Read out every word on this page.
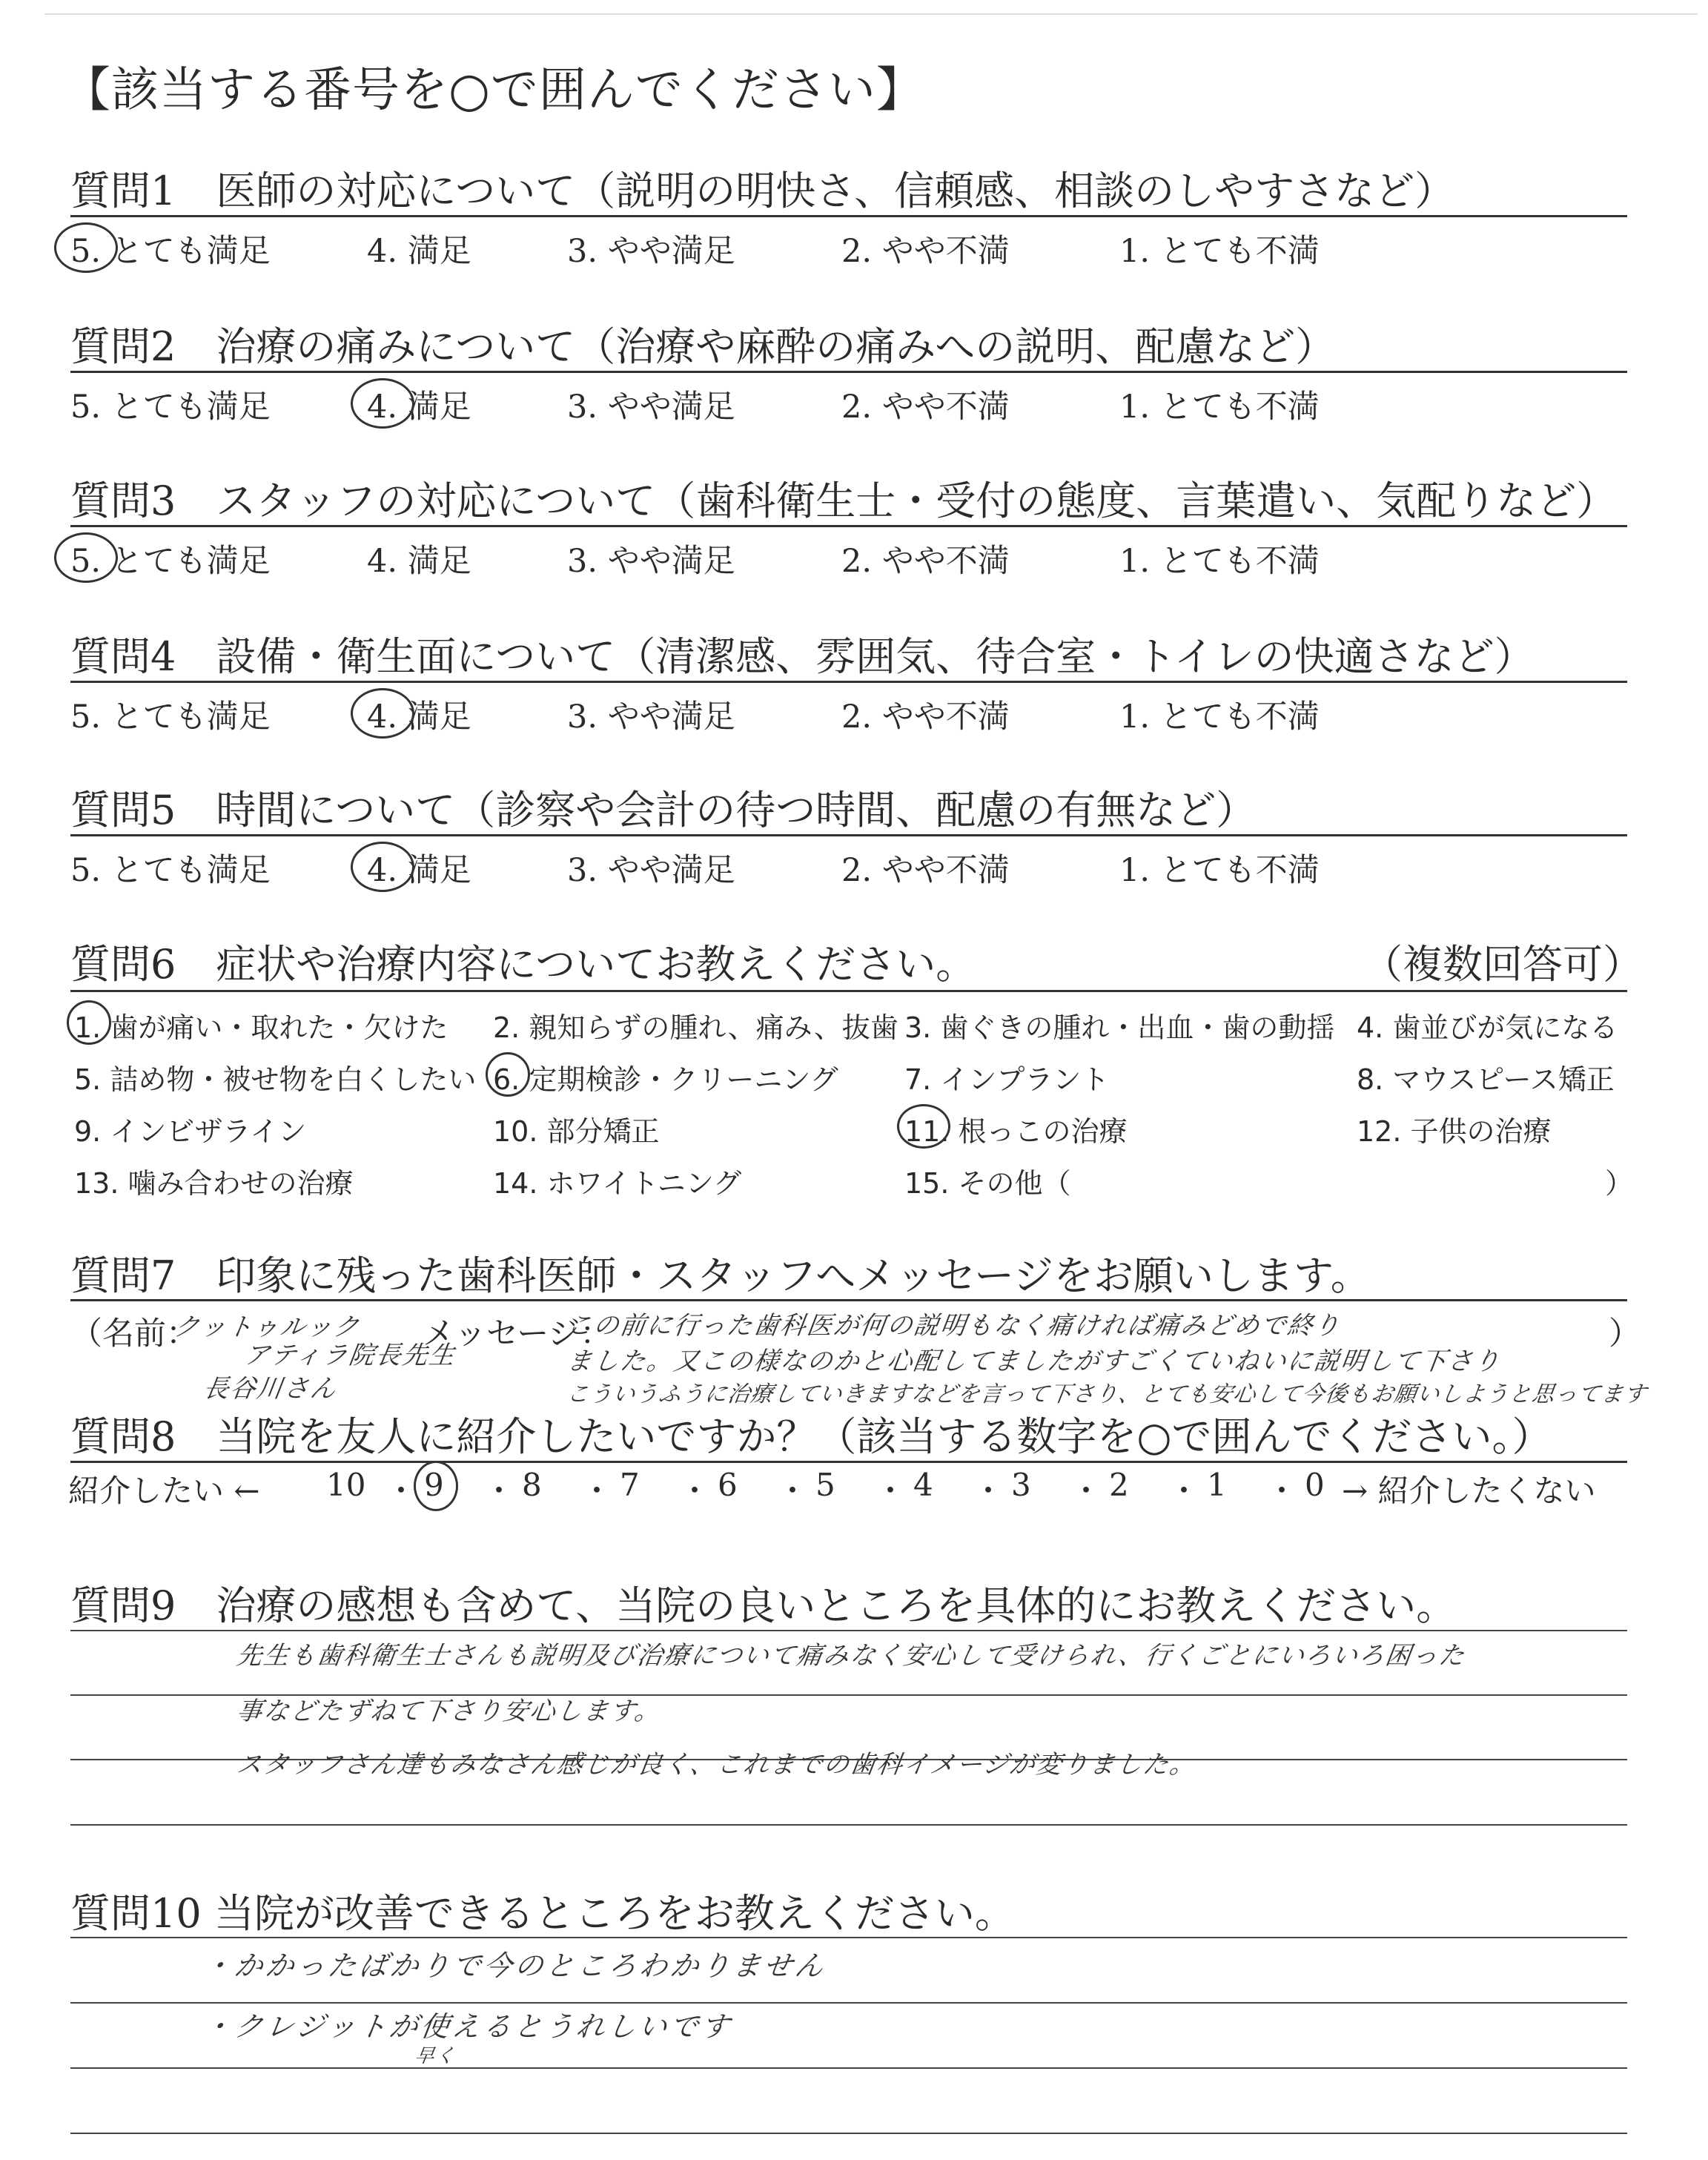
【該当する番号を○で囲んでください】
質問1　医師の対応について（説明の明快さ、信頼感、相談のしやすさなど）
5. とても満足	4. 満足	3. やや満足	2. やや不満	1. とても不満
質問2　治療の痛みについて（治療や麻酔の痛みへの説明、配慮など）
5. とても満足	4. 満足	3. やや満足	2. やや不満	1. とても不満
質問3　スタッフの対応について（歯科衛生士・受付の態度、言葉遣い、気配りなど）
5. とても満足	4. 満足	3. やや満足	2. やや不満	1. とても不満
質問4　設備・衛生面について（清潔感、雰囲気、待合室・トイレの快適さなど）
5. とても満足	4. 満足	3. やや満足	2. やや不満	1. とても不満
質問5　時間について（診察や会計の待つ時間、配慮の有無など）
5. とても満足	4. 満足	3. やや満足	2. やや不満	1. とても不満
質問6　症状や治療内容についてお教えください。	（複数回答可）
1. 歯が痛い・取れた・欠けた 2. 親知らずの腫れ、痛み、抜歯 3. 歯ぐきの腫れ・出血・歯の動揺 4. 歯並びが気になる
5. 詰め物・被せ物を白くしたい 6. 定期検診・クリーニング 7. インプラント	8. マウスピース矯正
9. インビザライン	10. 部分矯正	11. 根っこの治療	12. 子供の治療
13. 噛み合わせの治療	14. ホワイトニング	15. その他（	）
質問7　印象に残った歯科医師・スタッフへメッセージをお願いします。
（名前：
クットゥルック
アティラ院長先生
長谷川さん
メッセージ：
この前に行った歯科医が何の説明もなく痛ければ痛みどめで終り
ました。又この様なのかと心配してましたがすごくていねいに説明して下さり
こういうふうに治療していきますなどを言って下さり、とても安心して今後もお願いしようと思ってます
）
質問8　当院を友人に紹介したいですか？（該当する数字を○で囲んでください。）
紹介したい ← 10 ・ 9 ・ 8 ・ 7 ・ 6 ・ 5 ・ 4 ・ 3 ・ 2 ・ 1 ・ 0 → 紹介したくない
質問9　治療の感想も含めて、当院の良いところを具体的にお教えください。
先生も歯科衛生士さんも説明及び治療について痛みなく安心して受けられ、行くごとにいろいろ困った
事などたずねて下さり安心します。
スタッフさん達もみなさん感じが良く、これまでの歯科イメージが変りました。
質問10 当院が改善できるところをお教えください。
・かかったばかりで今のところわかりません
・クレジットが使えるとうれしいです
早く
